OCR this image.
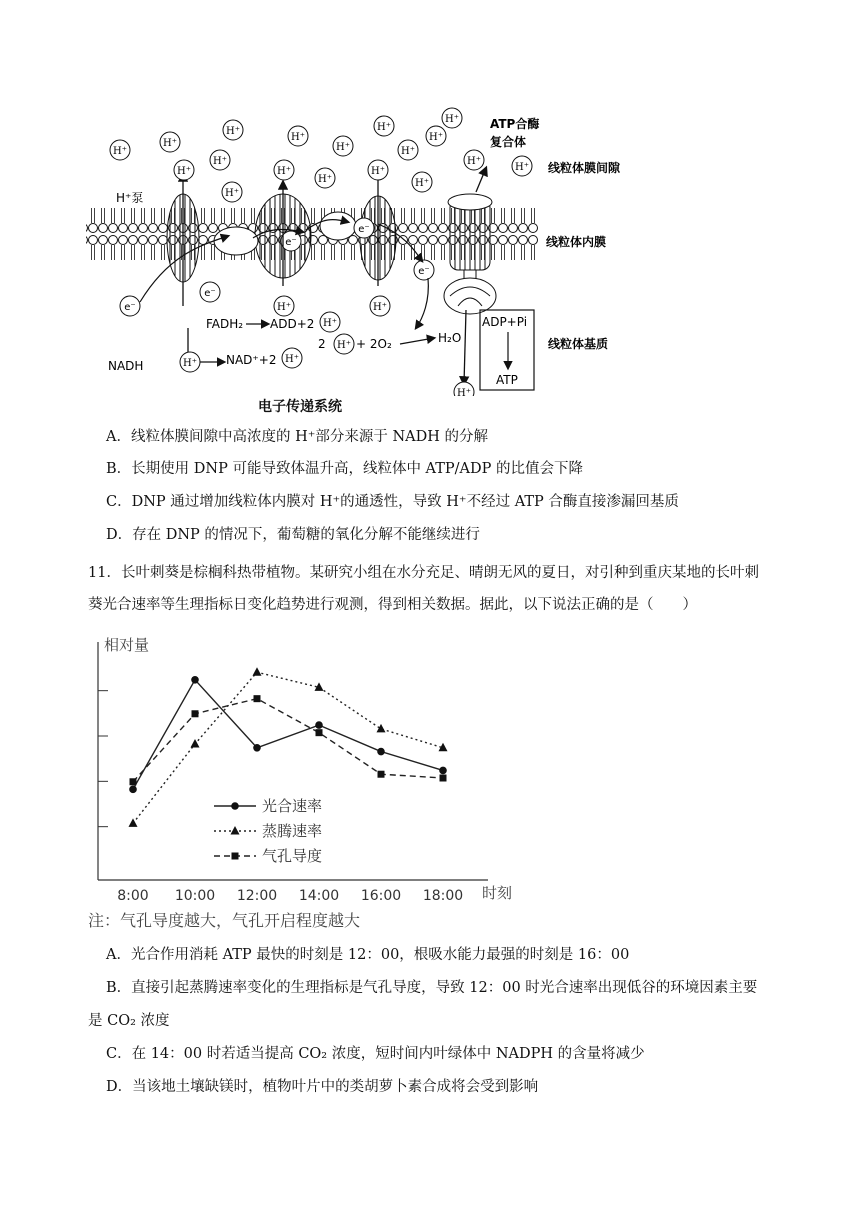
e⁻
e⁻
e⁻
e⁻
e⁻
H⁺
H⁺
H⁺
H⁺
H⁺
H⁺
H⁺
H⁺
H⁺
H⁺
H⁺
H⁺
H⁺
H⁺
H⁺
H⁺
H⁺
H⁺
H⁺	H⁺
H⁺
H⁺
H⁺
H⁺
H⁺
H⁺泵
ATP合酶
复合体
线粒体膜间隙
线粒体内膜
线粒体基质
FADH₂ ADD+2
NADH	NAD⁺+2
2	+ 2O₂	H₂O
ADP+Pi
ATP
电子传递系统
A．线粒体膜间隙中高浓度的 H⁺部分来源于 NADH 的分解
B．长期使用 DNP 可能导致体温升高，线粒体中 ATP/ADP 的比值会下降
C．DNP 通过增加线粒体内膜对 H⁺的通透性，导致 H⁺不经过 ATP 合酶直接渗漏回基质
D．存在 DNP 的情况下，葡萄糖的氧化分解不能继续进行
11．长叶刺葵是棕榈科热带植物。某研究小组在水分充足、晴朗无风的夏日，对引种到重庆某地的长叶刺
葵光合速率等生理指标日变化趋势进行观测，得到相关数据。据此，以下说法正确的是（　　）
相对量
时刻
8:00 10:00 12:00 14:00 16:00 18:00
光合速率
蒸腾速率
气孔导度
注：气孔导度越大，气孔开启程度越大
A．光合作用消耗 ATP 最快的时刻是 12：00，根吸水能力最强的时刻是 16：00
B．直接引起蒸腾速率变化的生理指标是气孔导度，导致 12：00 时光合速率出现低谷的环境因素主要
是 CO₂ 浓度
C．在 14：00 时若适当提高 CO₂ 浓度，短时间内叶绿体中 NADPH 的含量将减少
D．当该地土壤缺镁时，植物叶片中的类胡萝卜素合成将会受到影响
